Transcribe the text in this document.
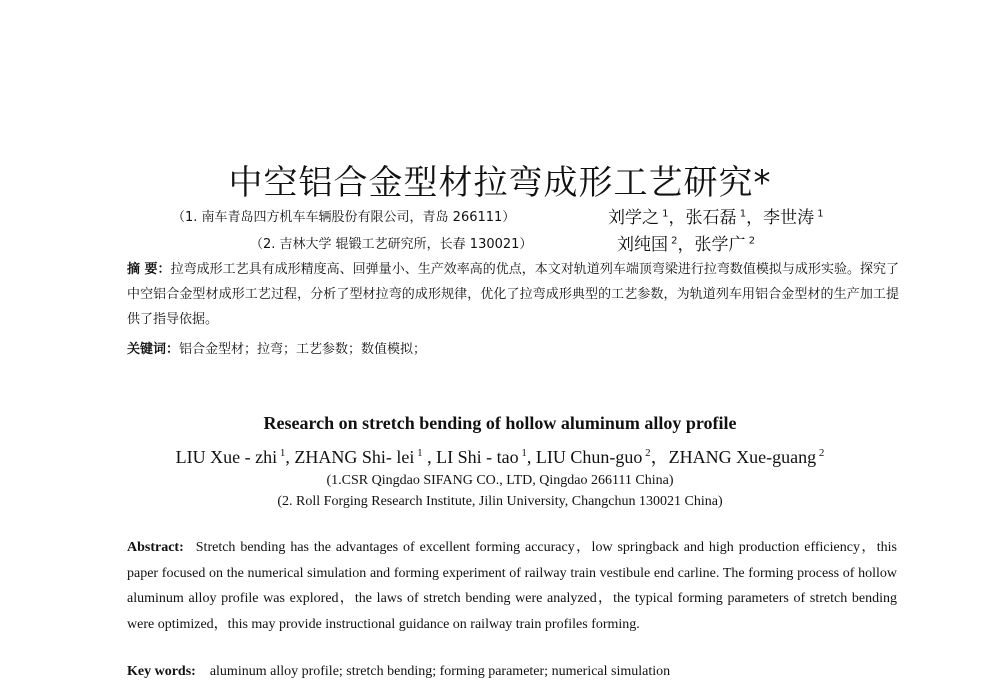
中空铝合金型材拉弯成形工艺研究*
（1. 南车青岛四方机车车辆股份有限公司，青岛 266111）	刘学之 $^1$，张石磊 $^1$，李世涛 $^1$
（2. 吉林大学 辊锻工艺研究所，长春 130021）	刘纯国 $^2$，张学广 $^2$
摘 要：拉弯成形工艺具有成形精度高、回弹量小、生产效率高的优点，本文对轨道列车端顶弯梁进行拉弯数值模拟与成形实验。探究了中空铝合金型材成形工艺过程，分析了型材拉弯的成形规律，优化了拉弯成形典型的工艺参数，为轨道列车用铝合金型材的生产加工提供了指导依据。
关键词：铝合金型材；拉弯；工艺参数；数值模拟；
Research on stretch bending of hollow aluminum alloy profile
LIU Xue - zhi $^1$, ZHANG Shi- lei $^1$ , LI Shi - tao $^1$, LIU Chun-guo $^2$，ZHANG Xue-guang $^2$
(1.CSR Qingdao SIFANG CO., LTD, Qingdao 266111 China)
(2. Roll Forging Research Institute, Jilin University, Changchun 130021 China)
Abstract: Stretch bending has the advantages of excellent forming accuracy，low springback and high production efficiency，this paper focused on the numerical simulation and forming experiment of railway train vestibule end carline. The forming process of hollow aluminum alloy profile was explored，the laws of stretch bending were analyzed，the typical forming parameters of stretch bending were optimized，this may provide instructional guidance on railway train profiles forming.
Key words: aluminum alloy profile; stretch bending; forming parameter; numerical simulation
